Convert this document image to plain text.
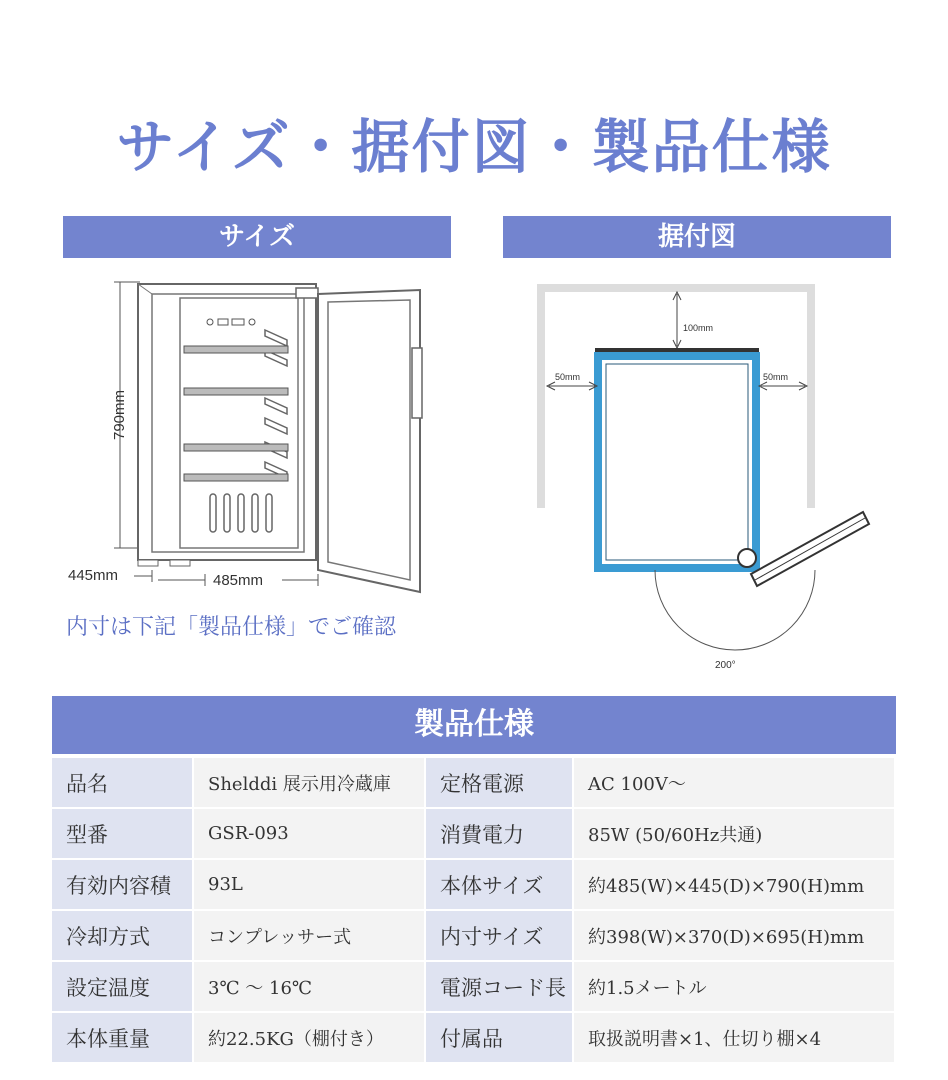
サイズ・据付図・製品仕様
サイズ	据付図
790mm
445mm	485mm
内寸は下記「製品仕様」でご確認
100mm
50mm	50mm
200°
製品仕様
品名	Shelddi 展示用冷蔵庫	定格電源	AC 100V～
型番	GSR-093	消費電力	85W (50/60Hz共通)
有効内容積	93L	本体サイズ	約485(W)×445(D)×790(H)mm
冷却方式	コンプレッサー式	内寸サイズ	約398(W)×370(D)×695(H)mm
設定温度	3℃ ～ 16℃	電源コード長	約1.5メートル
本体重量	約22.5KG（棚付き）	付属品	取扱説明書×1、仕切り棚×4
